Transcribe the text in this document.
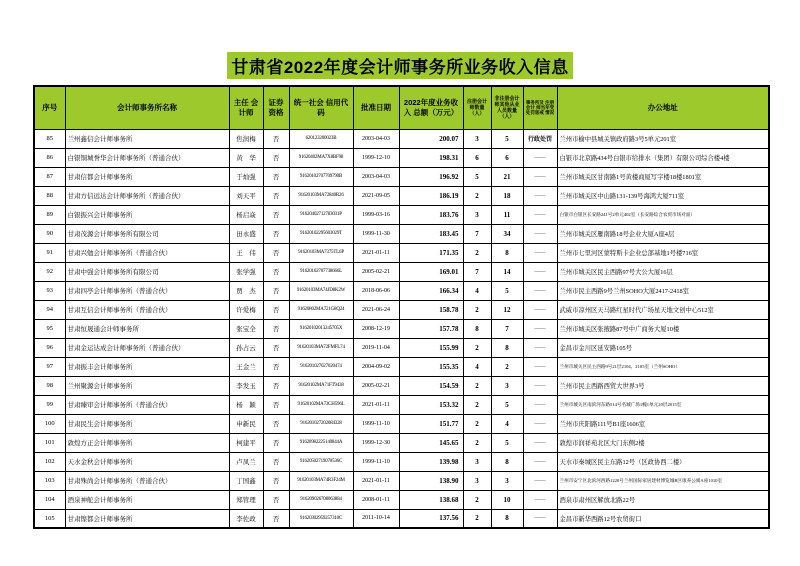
甘肃省2022年度会计师事务所业务收入信息
序号	会计师事务所名称	主任 会计师	证券 资格	统一社会 信用代码	批准日期	2022年度业务收入 总额（万元）	注册会计 师数量 （人）	非注册会计 师其他从业 人员数量 （人）	事务所及 注册会计 师当年受 处罚惩戒 情况	办公地址
85	兰州鑫信会计师事务所	焦润梅	否	620123200023B	2003-04-03	200.07	3	5	行政处罚	兰州市榆中县城关镇政府路3号5单元201室
86	白银铜城誉华会计师事务所（普通合伙）	黄　华	否	91620402MA7X8BF98	1999-12-10	198.31	6	6	——	白银市北京路434号白银市给排水（集团）有限公司综合楼4楼
87	甘肃信都会计师事务所	于灿强	否	91620102707709790B	2003-04-03	196.92	5	21	——	兰州市城关区甘南路1号黄楼商厦写字楼18楼1801室
88	甘肃方信远达会计师事务所（普通合伙）	刘天平	否	91620103MA72840R26	2021-09-05	186.19	2	18	——	兰州市城关区中山路131-139号海鸿大厦711室
89	白银振兴会计师事务所	杨启焱	否	91620402712783031P	1999-03-16	183.76	3	11	——	白银市白银区长安路241号2单元402室（长安路综合农贸市场对面）
90	甘肃茂源会计师事务所有限公司	田永盛	否	91620102295603029T	1999-11-30	183.45	7	34	——	兰州市城关区雁南路18号企业大厦A座4层
91	甘肃兴勉会计师事务所（普通合伙）	王　伟	否	91620103MA7375TL6P	2021-01-11	171.35	2	8	——	兰州市七里河区蒙特斯卡企业总部基地1号楼716室
92	甘肃中强会计师事务所有限公司	张学强	否	91620102707738666L	2005-02-21	169.01	7	14	——	兰州市城关区民主西路97号大公大厦16层
93	甘肃四亭会计师事务所（普通合伙）	贾　杰	否	91620103MA74JD8K2W	2018-06-06	166.34	4	5	——	兰州市民主西路9号兰州SOHO大厦2417-2418室
94	甘肃互信会计师事务所（普通合伙）	许爱梅	否	91620802MA721G8Q24	2021-06-24	158.78	2	12	——	武威市凉州区天马路红星时代广场星天地文创中心512室
95	甘肃恒晟通会计师事务所	张宝全	否	91620102013245705X	2008-12-19	157.78	8	7	——	兰州市城关区张掖路87号中广商务大厦10楼
96	甘肃金运达成会计师事务所（普通合伙）	孙占云	否	91620103MA72FMFL74	2019-11-04	155.99	2	8	——	金昌市金川区延安路105号
97	甘肃振丰会计师事务所	王金兰	否	916201027027020474	2004-09-02	155.35	4	2	——	兰州市城关区民主西路9号21层2104、2105室（兰州SOHO）
98	兰州聚源会计师事务所	李发玉	否	91620102MA71FT9438	2005-02-21	154.59	2	3	——	兰州市民主西路西贸大世界3号
99	甘肃臻审会计师事务所（普通合伙）	杨　颖	否	91620102MA73CH596L	2021-01-11	153.32	2	5	——	兰州市城关区南滨河东路514号名城广场1幢1单元20层2015室
100	甘肃民生会计师事务所	申新民	否	916201027202084328	1999-11-10	151.77	2	4	——	兰州市庆阳路111号B1座1606室
101	敦煌方正会计师事务所	柯建平	否	91620982225140844A	1999-12-30	145.65	2	5	——	敦煌市润祥苑北区大门东侧2楼
102	天水金秋会计师事务所	卢凤兰	否	91620502719070536C	1999-11-10	139.98	3	8	——	天水市秦城区民主东路12号（区政协西二楼）
103	甘肃殊尚会计师事务所（普通合伙）	丁国鑫	否	91620103MA74R3F24M	2021-01-11	138.90	3	3	——	兰州市安宁区北滨河西路1220号兰州国际家居建材博览城B区康养公寓A座1010室
104	酒泉神舵会计师事务所	郑管理	否	916209026708063884	2008-01-11	138.68	2	10	——	酒泉市肃州区解放北路22号
105	甘肃镍都会计师事务所	李佐政	否	91620302959257310C	2011-10-14	137.56	2	8	——	金昌市新华西路12号农贸街口
